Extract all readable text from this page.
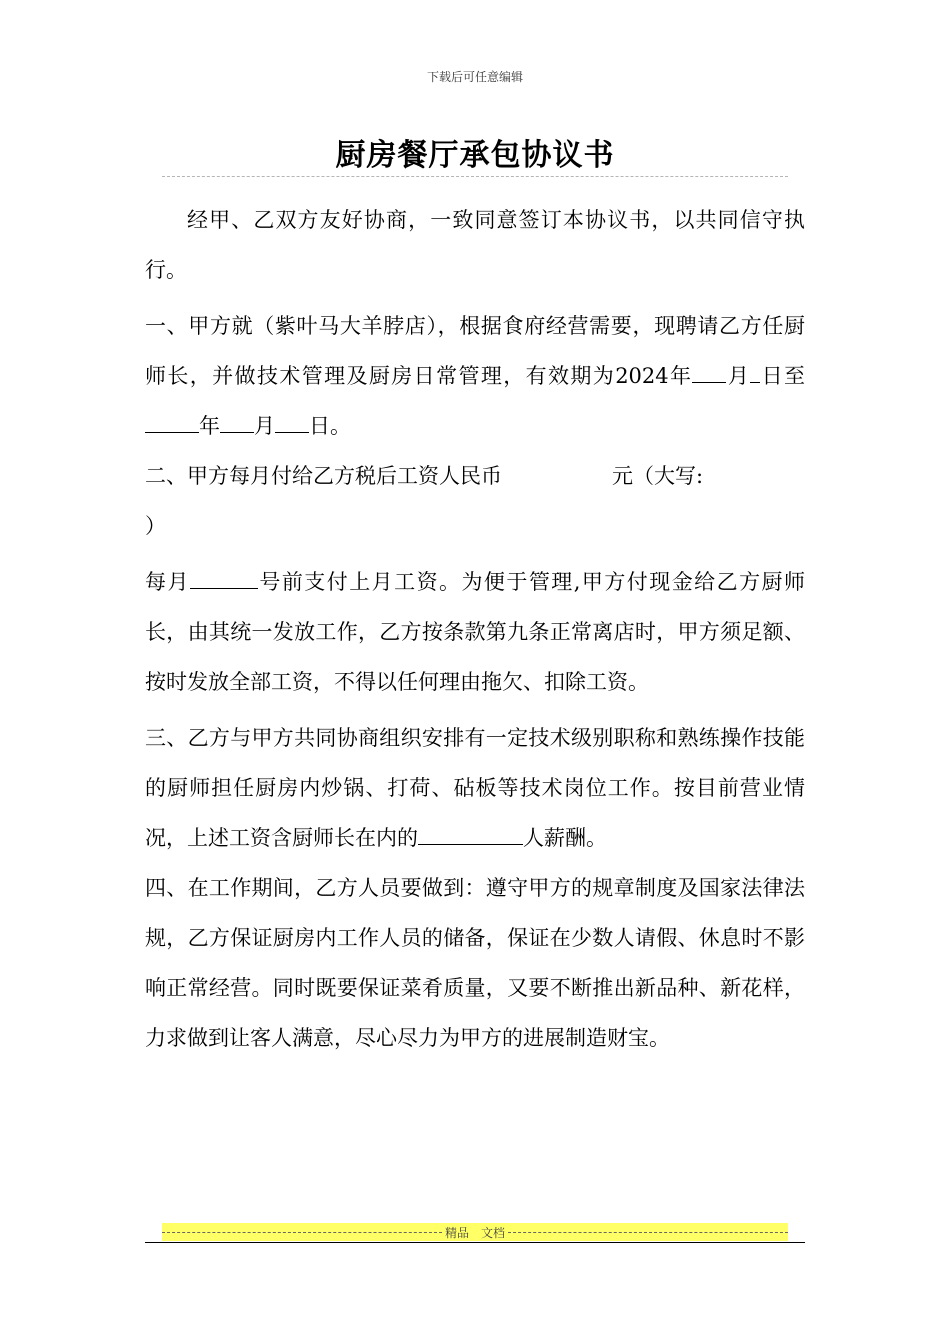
下载后可任意编辑
厨房餐厅承包协议书

经甲、乙双方友好协商，一致同意签订本协议书，以共同信守执行。

一、甲方就（紫叶马大羊脖店），根据食府经营需要，现聘请乙方任厨师长，并做技术管理及厨房日常管理，有效期为2024年 月 日至年 月 日。

二、甲方每月付给乙方税后工资人民币	元（大写:
）

每月	号前支付上月工资。为便于管理,甲方付现金给乙方厨师长，由其统一发放工作，乙方按条款第九条正常离店时，甲方须足额、按时发放全部工资，不得以任何理由拖欠、扣除工资。

三、乙方与甲方共同协商组织安排有一定技术级别职称和熟练操作技能的厨师担任厨房内炒锅、打荷、砧板等技术岗位工作。按目前营业情况，上述工资含厨师长在内的	人薪酬。

四、在工作期间，乙方人员要做到：遵守甲方的规章制度及国家法律法规，乙方保证厨房内工作人员的储备，保证在少数人请假、休息时不影响正常经营。同时既要保证菜肴质量，又要不断推出新品种、新花样，力求做到让客人满意，尽心尽力为甲方的进展制造财宝。

精品　文档
